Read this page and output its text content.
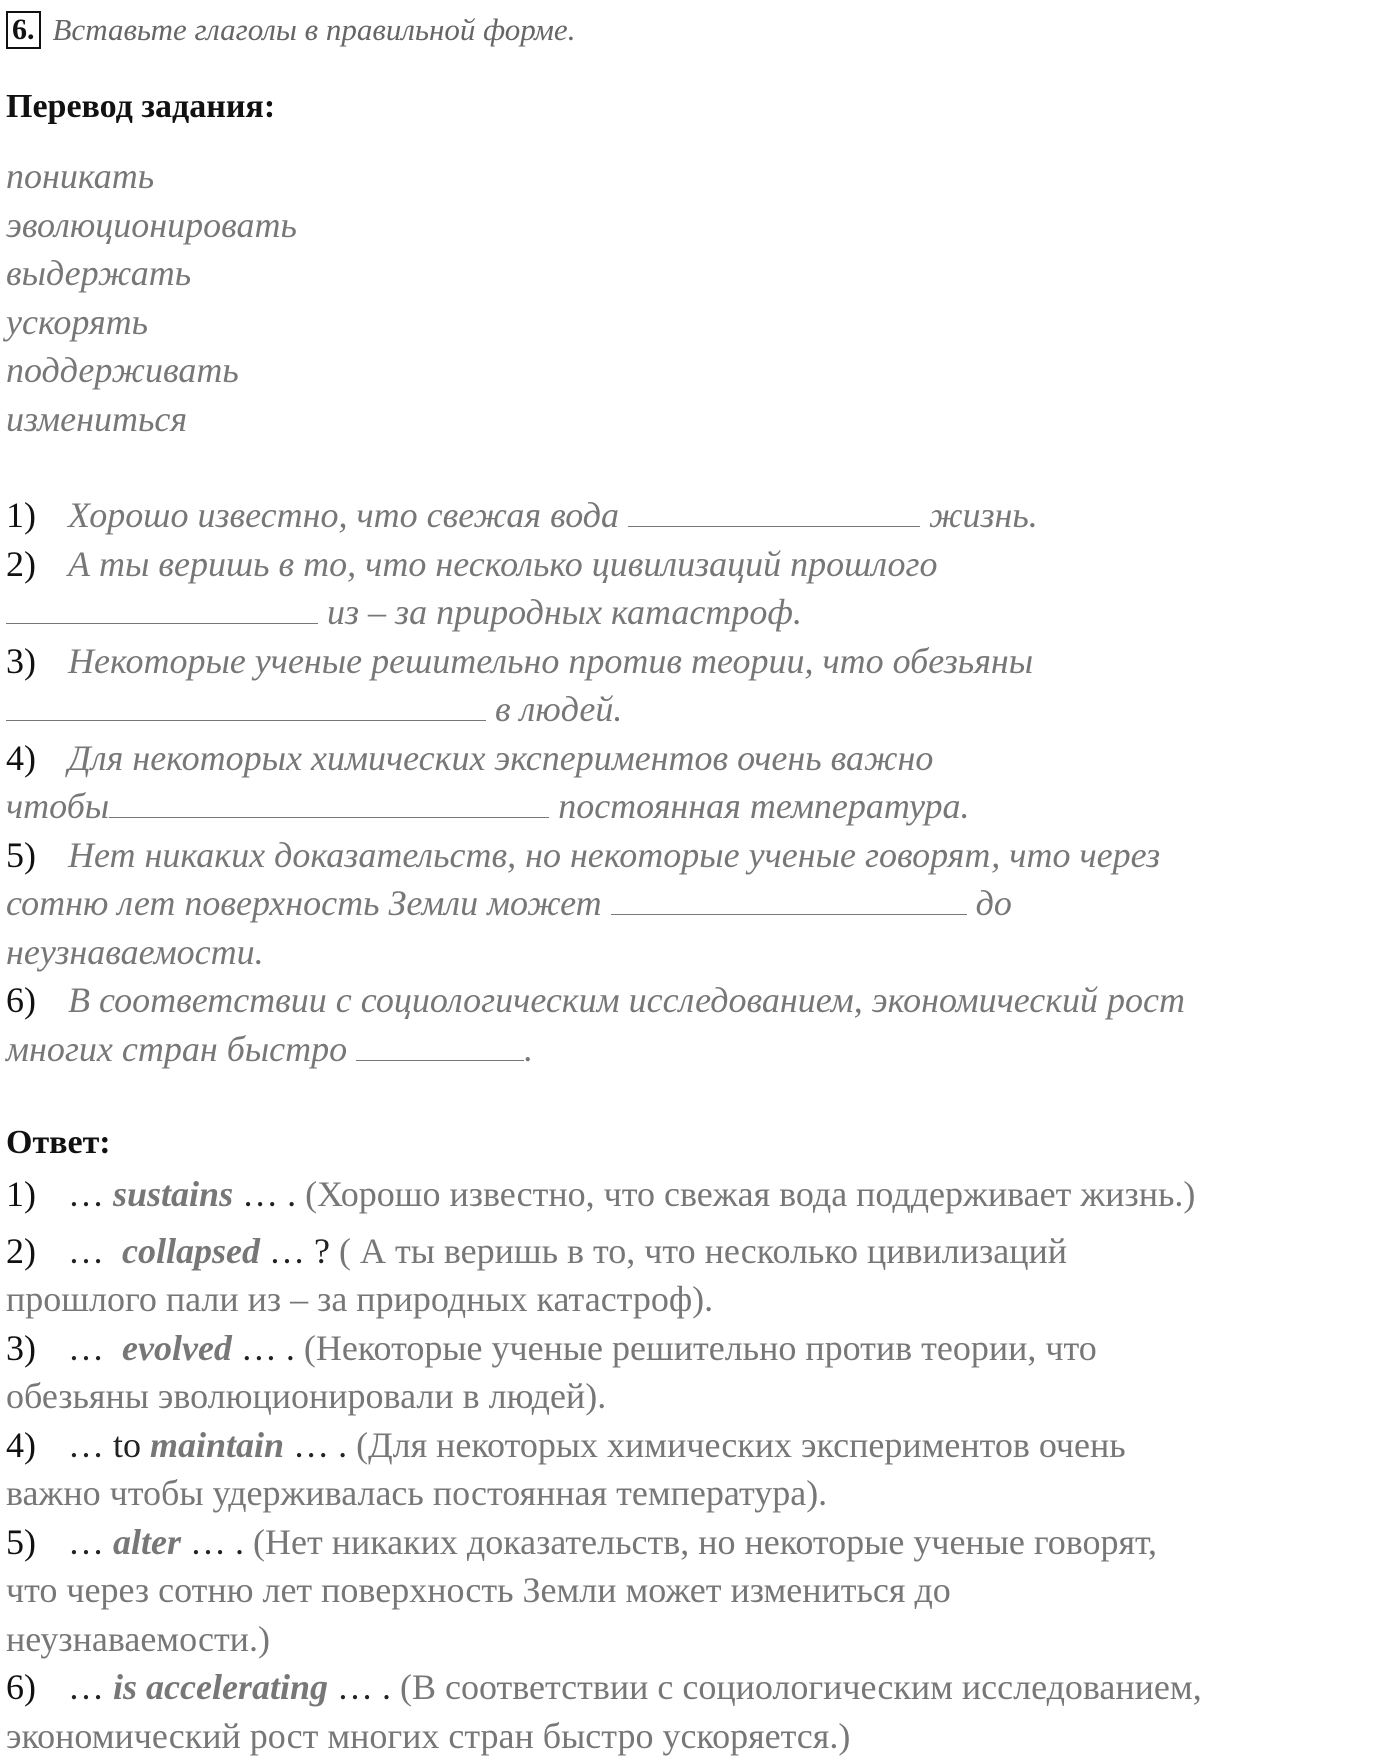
6. Вставьте глаголы в правильной форме.
Перевод задания:
поникать
эволюционировать
выдержать
ускорять
поддерживать
измениться
1) Хорошо известно, что свежая вода	жизнь.
2) А ты веришь в то, что несколько цивилизаций прошлого
из – за природных катастроф.
3) Некоторые ученые решительно против теории, что обезьяны
в людей.
4) Для некоторых химических экспериментов очень важно
чтобы	постоянная температура.
5) Нет никаких доказательств, но некоторые ученые говорят, что через
сотню лет поверхность Земли может	до
неузнаваемости.
6) В соответствии с социологическим исследованием, экономический рост
многих стран быстро	.
Ответ:
1) … sustains … . (Хорошо известно, что свежая вода поддерживает жизнь.)
2) … collapsed … ? ( А ты веришь в то, что несколько цивилизаций
прошлого пали из – за природных катастроф).
3) … evolved … . (Некоторые ученые решительно против теории, что
обезьяны эволюционировали в людей).
4) … to maintain … . (Для некоторых химических экспериментов очень
важно чтобы удерживалась постоянная температура).
5) … alter … . (Нет никаких доказательств, но некоторые ученые говорят,
что через сотню лет поверхность Земли может измениться до
неузнаваемости.)
6) … is accelerating … . (В соответствии с социологическим исследованием,
экономический рост многих стран быстро ускоряется.)
